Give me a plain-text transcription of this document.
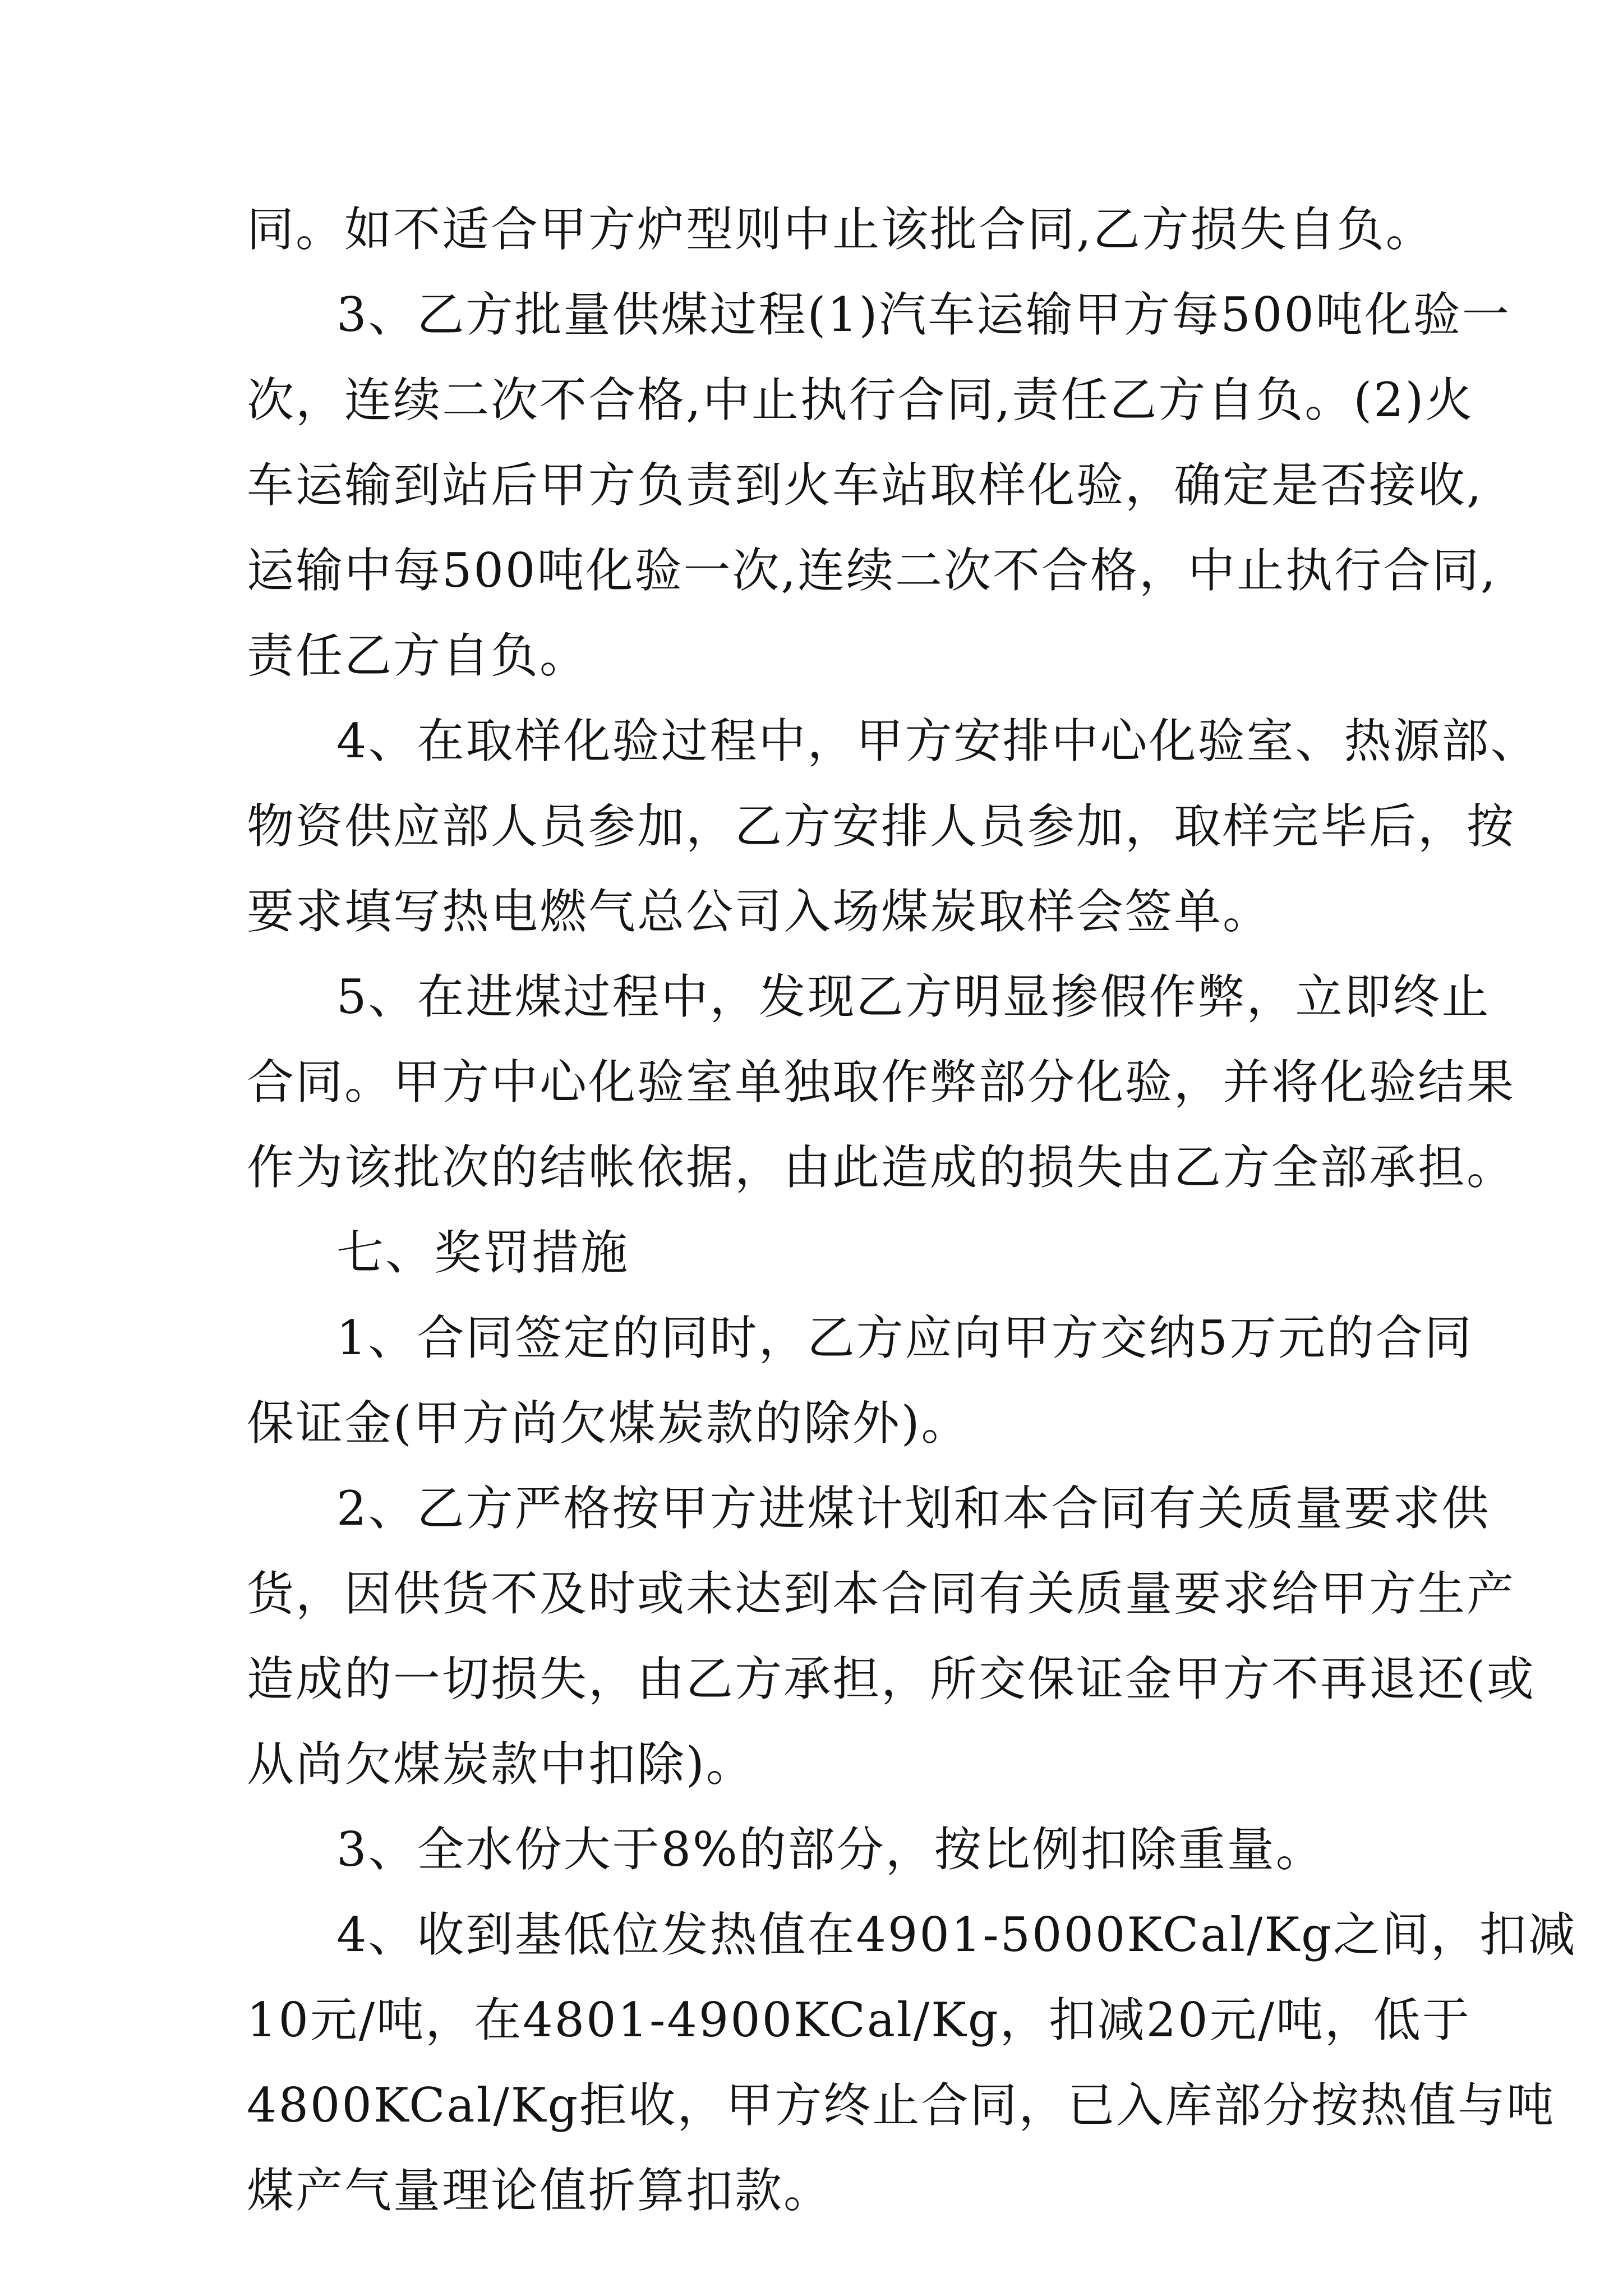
同。如不适合甲方炉型则中止该批合同,乙方损失自负。
3、乙方批量供煤过程(1)汽车运输甲方每500吨化验一
次，连续二次不合格,中止执行合同,责任乙方自负。(2)火
车运输到站后甲方负责到火车站取样化验，确定是否接收,
运输中每500吨化验一次,连续二次不合格，中止执行合同,
责任乙方自负。
4、在取样化验过程中，甲方安排中心化验室、热源部、
物资供应部人员参加，乙方安排人员参加，取样完毕后，按
要求填写热电燃气总公司入场煤炭取样会签单。
5、在进煤过程中，发现乙方明显掺假作弊，立即终止
合同。甲方中心化验室单独取作弊部分化验，并将化验结果
作为该批次的结帐依据，由此造成的损失由乙方全部承担。
七、奖罚措施
1、合同签定的同时，乙方应向甲方交纳5万元的合同
保证金(甲方尚欠煤炭款的除外)。
2、乙方严格按甲方进煤计划和本合同有关质量要求供
货，因供货不及时或未达到本合同有关质量要求给甲方生产
造成的一切损失，由乙方承担，所交保证金甲方不再退还(或
从尚欠煤炭款中扣除)。
3、全水份大于8%的部分，按比例扣除重量。
4、收到基低位发热值在4901-5000KCal/Kg之间，扣减
10元/吨，在4801-4900KCal/Kg，扣减20元/吨，低于
4800KCal/Kg拒收，甲方终止合同，已入库部分按热值与吨
煤产气量理论值折算扣款。
